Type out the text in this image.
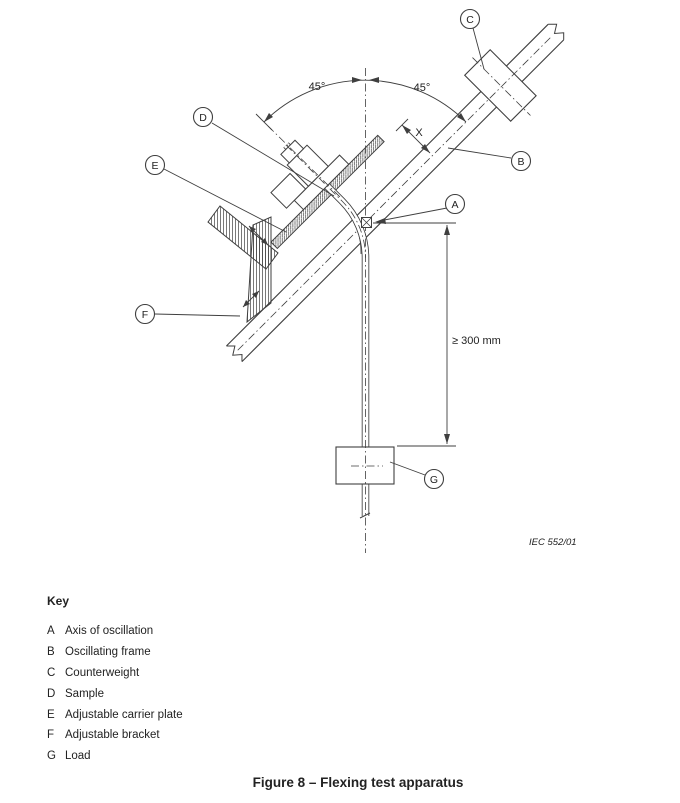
45°	45°
X
≥ 300 mm
A
B
C
D
E
F
G
IEC 552/01
Key
A Axis of oscillation
B Oscillating frame
C Counterweight
D Sample
E Adjustable carrier plate
F Adjustable bracket
G Load
Figure 8 – Flexing test apparatus
